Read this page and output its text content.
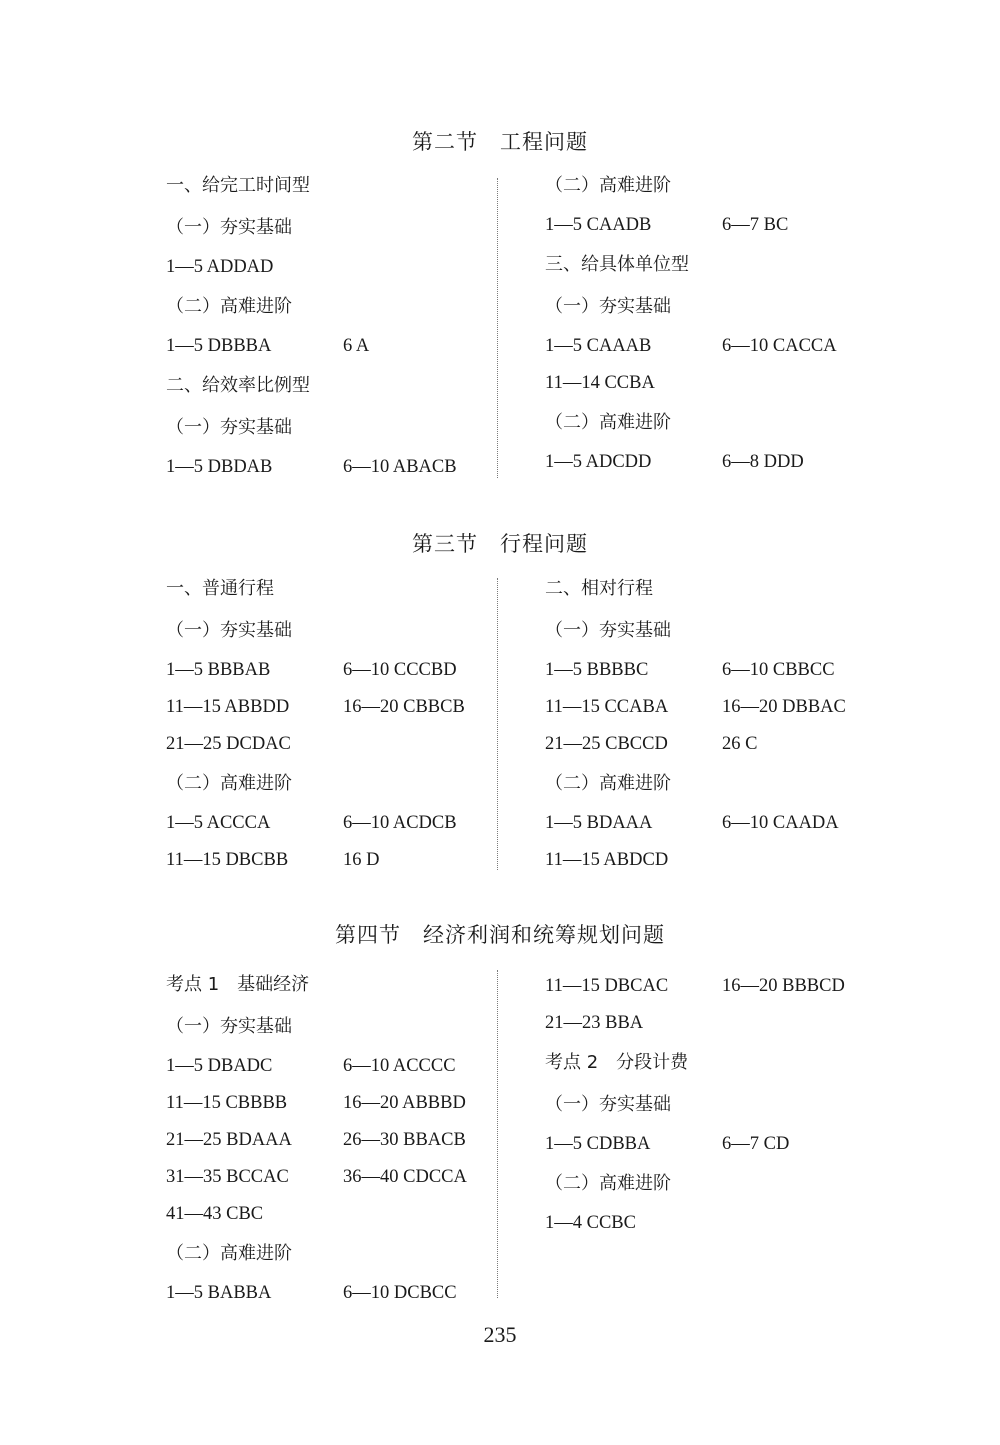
第二节 工程问题
第三节 行程问题
第四节 经济利润和统筹规划问题
一、给完工时间型
（一）夯实基础
1—5 ADDAD
（二）高难进阶
1—5 DBBBA	6 A
二、给效率比例型
（一）夯实基础
1—5 DBDAB	6—10 ABACB
（二）高难进阶
1—5 CAADB	6—7 BC
三、给具体单位型
（一）夯实基础
1—5 CAAAB	6—10 CACCA
11—14 CCBA
（二）高难进阶
1—5 ADCDD	6—8 DDD
一、普通行程
（一）夯实基础
1—5 BBBAB	6—10 CCCBD
11—15 ABBDD	16—20 CBBCB
21—25 DCDAC
（二）高难进阶
1—5 ACCCA	6—10 ACDCB
11—15 DBCBB	16 D
二、相对行程
（一）夯实基础
1—5 BBBBC	6—10 CBBCC
11—15 CCABA	16—20 DBBAC
21—25 CBCCD	26 C
（二）高难进阶
1—5 BDAAA	6—10 CAADA
11—15 ABDCD
考点 1　基础经济
（一）夯实基础
1—5 DBADC	6—10 ACCCC
11—15 CBBBB	16—20 ABBBD
21—25 BDAAA	26—30 BBACB
31—35 BCCAC	36—40 CDCCA
41—43 CBC
（二）高难进阶
1—5 BABBA	6—10 DCBCC
11—15 DBCAC	16—20 BBBCD
21—23 BBA
考点 2　分段计费
（一）夯实基础
1—5 CDBBA	6—7 CD
（二）高难进阶
1—4 CCBC
235
